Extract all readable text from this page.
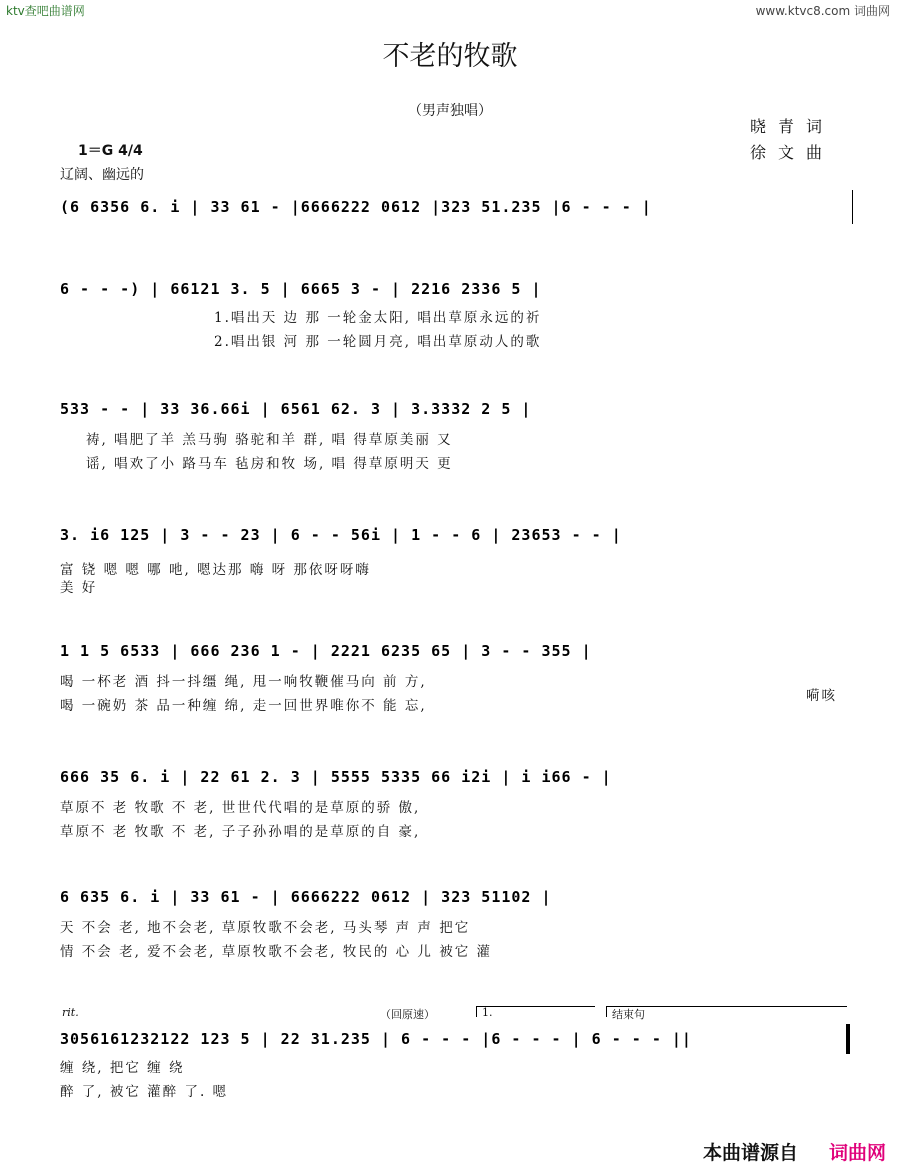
ktv查吧曲谱网	www.ktvc8.com 词曲网
不老的牧歌
（男声独唱）
晓青词
徐文曲
1＝G 4/4
辽阔、幽远的
(6 6356 6. i | 33 61 - |6666222 0612 |323 51.235 |6 - - - |
6 - - -) | 66121 3. 5 | 6665 3 - | 2216 2336 5 |
1.唱出天 边 那 一轮金太阳, 唱出草原永远的祈
2.唱出银 河 那 一轮圆月亮, 唱出草原动人的歌
533 - - | 33 36.66i | 6561 62. 3 | 3.3332 2 5 |
祷, 唱肥了羊 羔马驹 骆驼和羊 群, 唱 得草原美丽 又
谣, 唱欢了小 路马车 毡房和牧 场, 唱 得草原明天 更
3. i6 125 | 3 - - 23 | 6 - - 56i | 1 - - 6 | 23653 - - |
富 铙 嗯 嗯 哪 吔, 嗯达那 嗨 呀 那依呀呀嗨
美 好
1 1 5 6533 | 666 236 1 - | 2221 6235 65 | 3 - - 355 |
喝 一杯老 酒 抖一抖缰 绳, 甩一响牧鞭催马向 前 方,
喝 一碗奶 茶 品一种缠 绵, 走一回世界唯你不 能 忘,
嗬咳
666 35 6. i | 22 61 2. 3 | 5555 5335 66 i2i | i i66 - |
草原不 老 牧歌 不 老, 世世代代唱的是草原的骄 傲,
草原不 老 牧歌 不 老, 子子孙孙唱的是草原的自 豪,
6 635 6. i | 33 61 - | 6666222 0612 | 323 51102 |
天 不会 老, 地不会老, 草原牧歌不会老, 马头琴 声 声 把它
情 不会 老, 爱不会老, 草原牧歌不会老, 牧民的 心 儿 被它 灌
rit.	（回原速）	1.	结束句
3056161232122 123 5 | 22 31.235 | 6 - - - |6 - - - | 6 - - - ||
缠 绕, 把它 缠 绕
醉 了, 被它 灌醉 了. 嗯
本曲谱源自 词曲网
